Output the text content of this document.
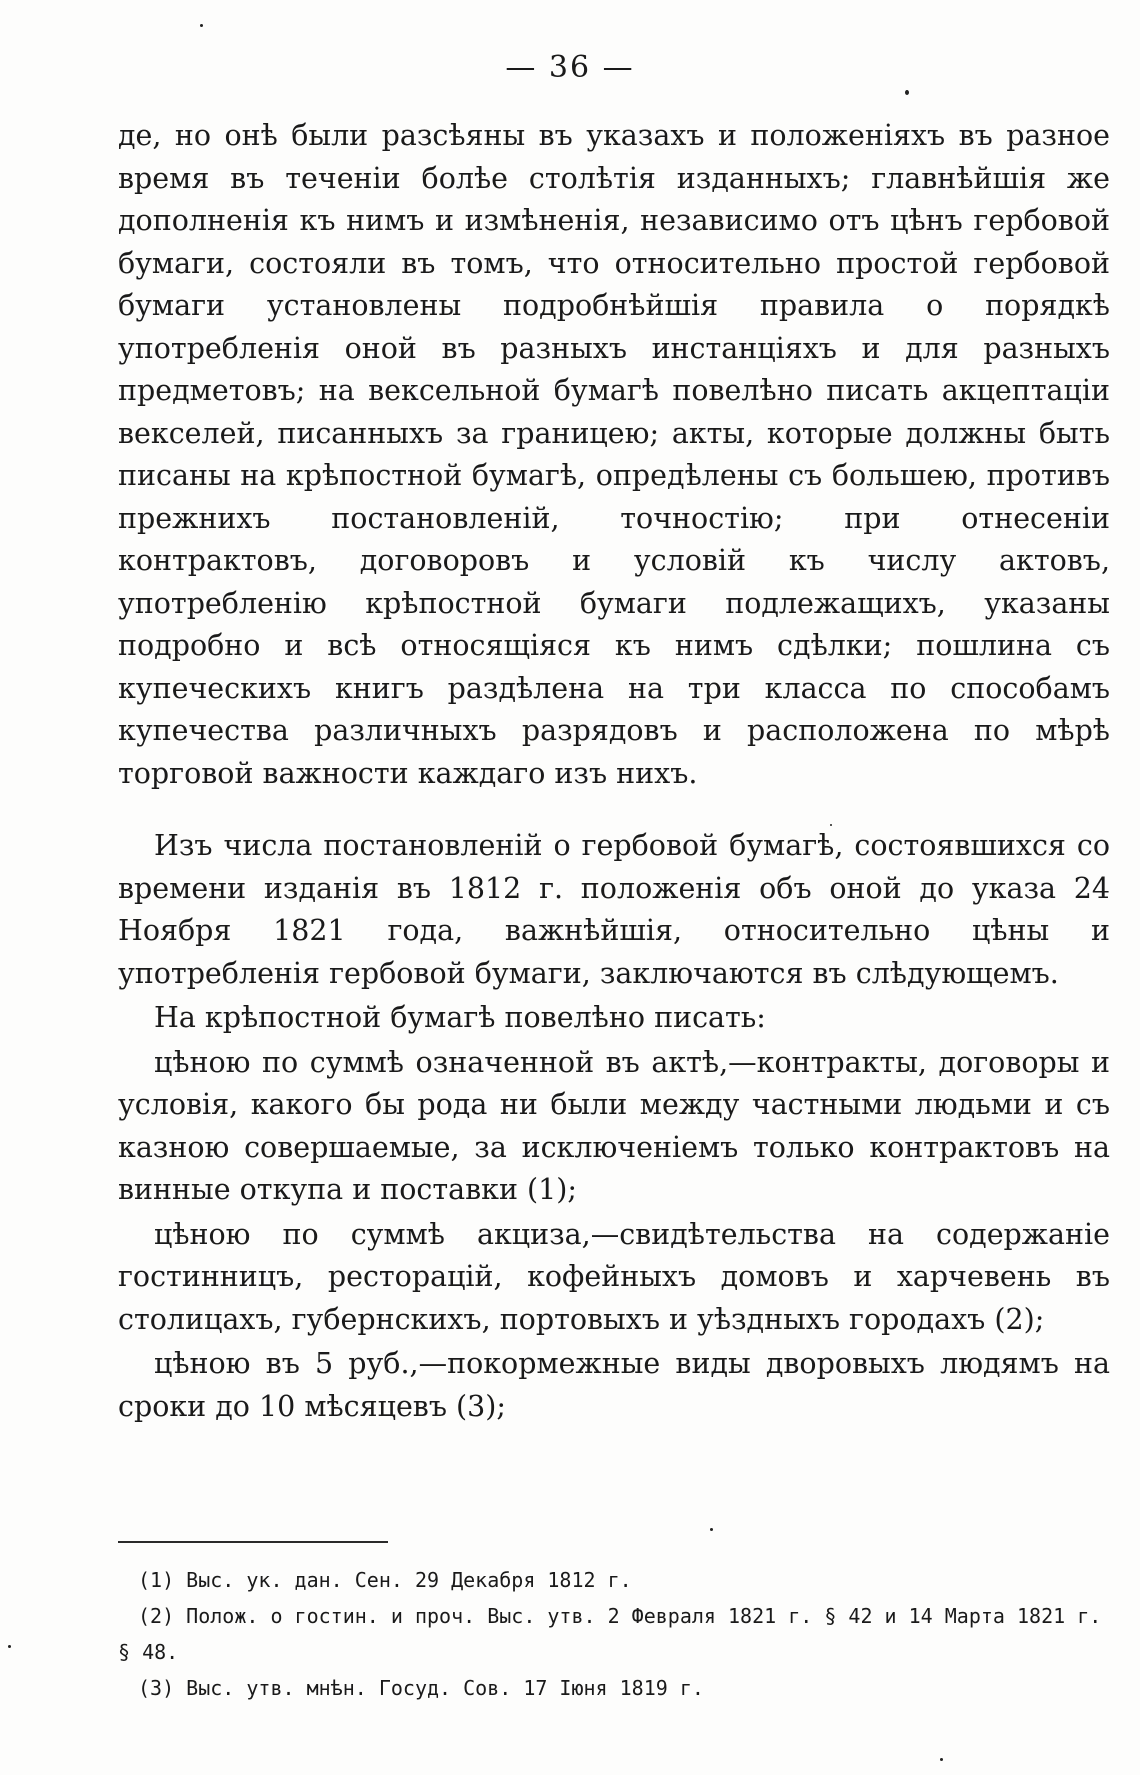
— 36 —

де, но онѣ были разсѣяны въ указахъ и положеніяхъ въ разное время въ теченіи болѣе столѣтія изданныхъ; главнѣйшія же дополненія къ нимъ и измѣненія, независимо отъ цѣнъ гербовой бумаги, состояли въ томъ, что относительно простой гербовой бумаги установлены подробнѣйшія правила о порядкѣ употребленія оной въ разныхъ инстанціяхъ и для разныхъ предметовъ; на вексельной бумагѣ повелѣно писать акцептаціи векселей, писанныхъ за границею; акты, которые должны быть писаны на крѣпостной бумагѣ, опредѣлены съ большею, противъ прежнихъ постановленій, точностію; при отнесеніи контрактовъ, договоровъ и условій къ числу актовъ, употребленію крѣпостной бумаги подлежащихъ, указаны подробно и всѣ относящіяся къ нимъ сдѣлки; пошлина съ купеческихъ книгъ раздѣлена на три класса по способамъ купечества различныхъ разрядовъ и расположена по мѣрѣ торговой важности каждаго изъ нихъ.

Изъ числа постановленій о гербовой бумагѣ, состоявшихся со времени изданія въ 1812 г. положенія объ оной до указа 24 Ноября 1821 года, важнѣйшія, относительно цѣны и употребленія гербовой бумаги, заключаются въ слѣдующемъ.

На крѣпостной бумагѣ повелѣно писать:

цѣною по суммѣ означенной въ актѣ,—контракты, договоры и условія, какого бы рода ни были между частными людьми и съ казною совершаемые, за исключеніемъ только контрактовъ на винные откупа и поставки (1);

цѣною по суммѣ акциза,—свидѣтельства на содержаніе гостинницъ, ресторацій, кофейныхъ домовъ и харчевень въ столицахъ, губернскихъ, портовыхъ и уѣздныхъ городахъ (2);

цѣною въ 5 руб.,—покормежные виды дворовыхъ людямъ на сроки до 10 мѣсяцевъ (3);

(1) Выс. ук. дан. Сен. 29 Декабря 1812 г.

(2) Полож. о гостин. и проч. Выс. утв. 2 Февраля 1821 г. § 42 и 14 Марта 1821 г. § 48.

(3) Выс. утв. мнѣн. Госуд. Сов. 17 Іюня 1819 г.
